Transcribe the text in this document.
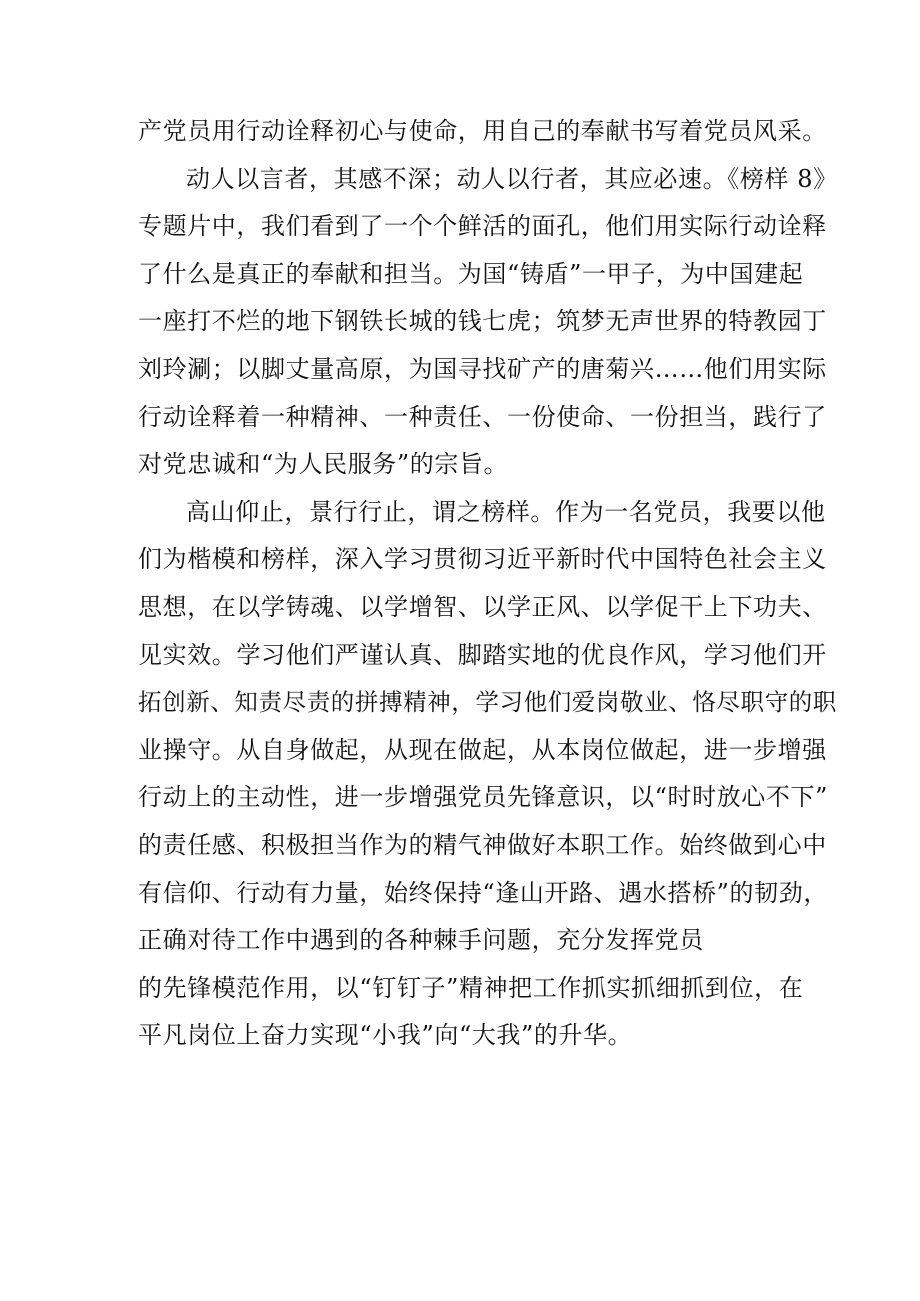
产党员用行动诠释初心与使命，用自己的奉献书写着党员风采。
动人以言者，其感不深；动人以行者，其应必速。《榜样 8》
专题片中，我们看到了一个个鲜活的面孔，他们用实际行动诠释
了什么是真正的奉献和担当。为国“铸盾”一甲子，为中国建起
一座打不烂的地下钢铁长城的钱七虎；筑梦无声世界的特教园丁
刘玲涮；以脚丈量高原，为国寻找矿产的唐菊兴……他们用实际
行动诠释着一种精神、一种责任、一份使命、一份担当，践行了
对党忠诚和“为人民服务”的宗旨。
高山仰止，景行行止，谓之榜样。作为一名党员，我要以他
们为楷模和榜样，深入学习贯彻习近平新时代中国特色社会主义
思想，在以学铸魂、以学增智、以学正风、以学促干上下功夫、
见实效。学习他们严谨认真、脚踏实地的优良作风，学习他们开
拓创新、知责尽责的拼搏精神，学习他们爱岗敬业、恪尽职守的职
业操守。从自身做起，从现在做起，从本岗位做起，进一步增强
行动上的主动性，进一步增强党员先锋意识，以“时时放心不下”
的责任感、积极担当作为的精气神做好本职工作。始终做到心中
有信仰、行动有力量，始终保持“逢山开路、遇水搭桥”的韧劲，
正确对待工作中遇到的各种棘手问题，充分发挥党员
的先锋模范作用，以“钉钉子”精神把工作抓实抓细抓到位，在
平凡岗位上奋力实现“小我”向“大我”的升华。
